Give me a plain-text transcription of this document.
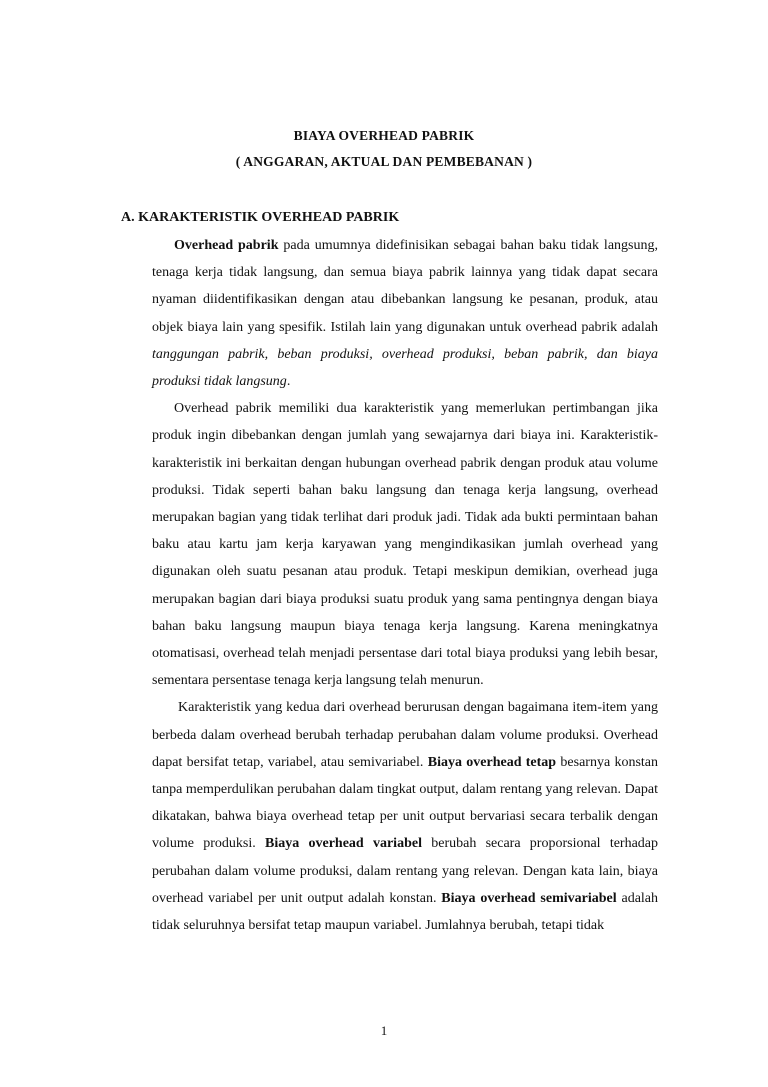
BIAYA OVERHEAD PABRIK
( ANGGARAN, AKTUAL DAN PEMBEBANAN )
A. KARAKTERISTIK OVERHEAD PABRIK

Overhead pabrik pada umumnya didefinisikan sebagai bahan baku tidak langsung, tenaga kerja tidak langsung, dan semua biaya pabrik lainnya yang tidak dapat secara nyaman diidentifikasikan dengan atau dibebankan langsung ke pesanan, produk, atau objek biaya lain yang spesifik. Istilah lain yang digunakan untuk overhead pabrik adalah tanggungan pabrik, beban produksi, overhead produksi, beban pabrik, dan biaya produksi tidak langsung.

Overhead pabrik memiliki dua karakteristik yang memerlukan pertimbangan jika produk ingin dibebankan dengan jumlah yang sewajarnya dari biaya ini. Karakteristik-karakteristik ini berkaitan dengan hubungan overhead pabrik dengan produk atau volume produksi. Tidak seperti bahan baku langsung dan tenaga kerja langsung, overhead merupakan bagian yang tidak terlihat dari produk jadi. Tidak ada bukti permintaan bahan baku atau kartu jam kerja karyawan yang mengindikasikan jumlah overhead yang digunakan oleh suatu pesanan atau produk. Tetapi meskipun demikian, overhead juga merupakan bagian dari biaya produksi suatu produk yang sama pentingnya dengan biaya bahan baku langsung maupun biaya tenaga kerja langsung. Karena meningkatnya otomatisasi, overhead telah menjadi persentase dari total biaya produksi yang lebih besar, sementara persentase tenaga kerja langsung telah menurun.

Karakteristik yang kedua dari overhead berurusan dengan bagaimana item-item yang berbeda dalam overhead berubah terhadap perubahan dalam volume produksi. Overhead dapat bersifat tetap, variabel, atau semivariabel. Biaya overhead tetap besarnya konstan tanpa memperdulikan perubahan dalam tingkat output, dalam rentang yang relevan. Dapat dikatakan, bahwa biaya overhead tetap per unit output bervariasi secara terbalik dengan volume produksi. Biaya overhead variabel berubah secara proporsional terhadap perubahan dalam volume produksi, dalam rentang yang relevan. Dengan kata lain, biaya overhead variabel per unit output adalah konstan. Biaya overhead semivariabel adalah tidak seluruhnya bersifat tetap maupun variabel. Jumlahnya berubah, tetapi tidak

1
